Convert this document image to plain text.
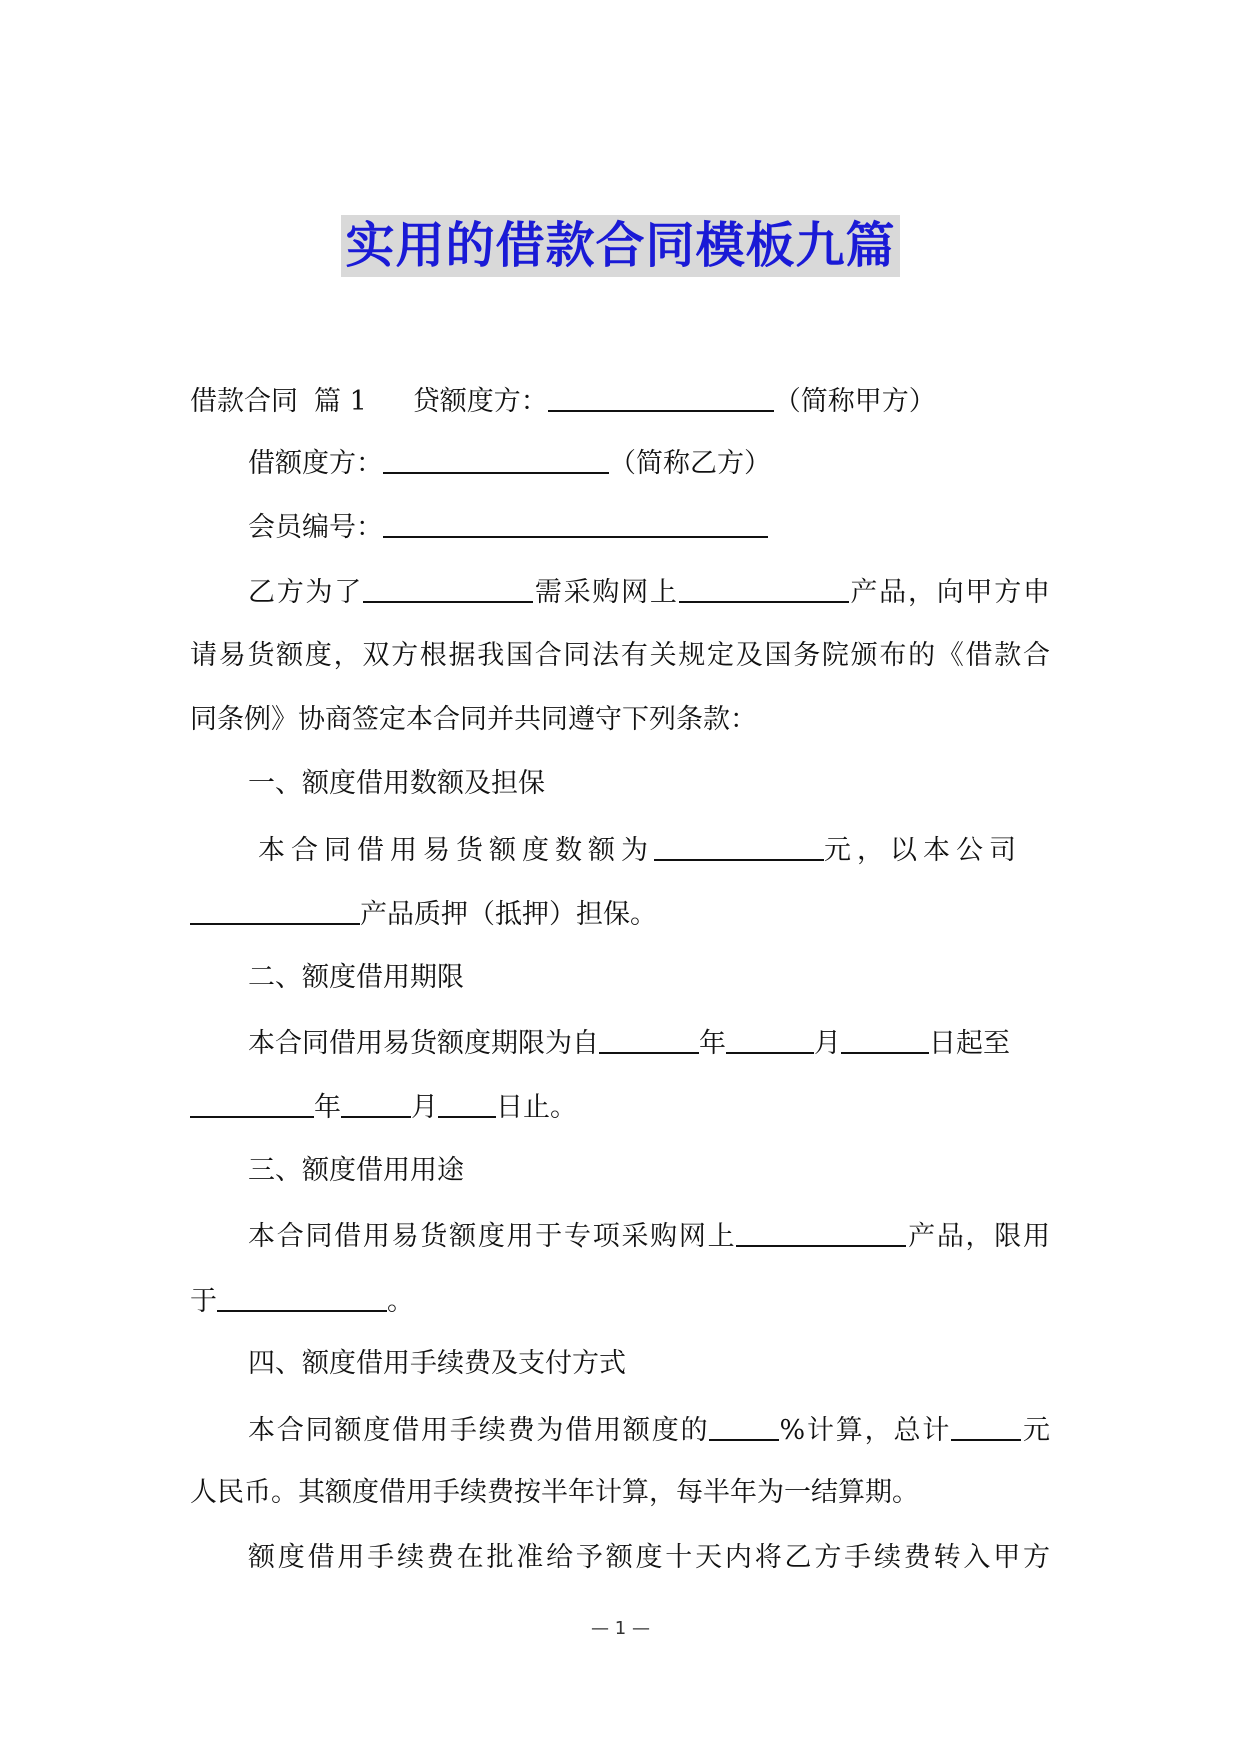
实用的借款合同模板九篇
借款合同 篇 1 贷额度方：	（简称甲方）
借额度方：	（简称乙方）
会员编号：
乙方为了	需采购网上	产品，向甲方申
请易货额度，双方根据我国合同法有关规定及国务院颁布的《借款合
同条例》协商签定本合同并共同遵守下列条款：
一、额度借用数额及担保
本合同借用易货额度数额为	元，以本公司
产品质押（抵押）担保。
二、额度借用期限
本合同借用易货额度期限为自	年	月	日起至
年	月 日止。
三、额度借用用途
本合同借用易货额度用于专项采购网上	产品，限用
于	。
四、额度借用手续费及支付方式
本合同额度借用手续费为借用额度的	%计算，总计	元
人民币。其额度借用手续费按半年计算，每半年为一结算期。
额度借用手续费在批准给予额度十天内将乙方手续费转入甲方
— 1 —
